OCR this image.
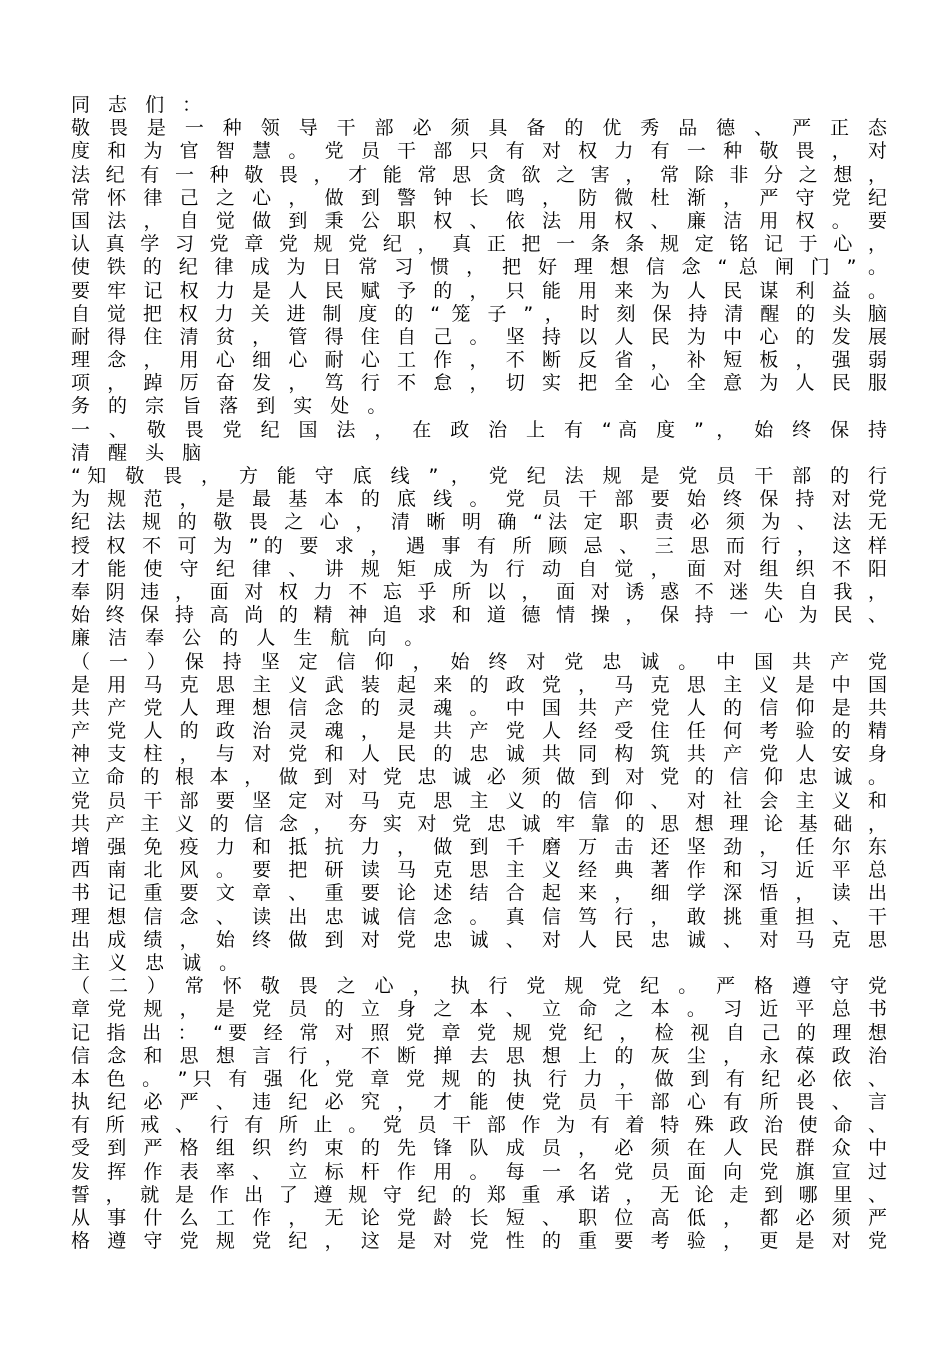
同 志 们 ：
敬 畏 是 一 种 领 导 干 部 必 须 具 备 的 优 秀 品 德 、 严 正 态
度 和 为 官 智 慧 。 党 员 干 部 只 有 对 权 力 有 一 种 敬 畏 ， 对
法 纪 有 一 种 敬 畏 ， 才 能 常 思 贪 欲 之 害 ， 常 除 非 分 之 想 ，
常 怀 律 己 之 心 ， 做 到 警 钟 长 鸣 ， 防 微 杜 渐 ， 严 守 党 纪
国 法 ， 自 觉 做 到 秉 公 职 权 、 依 法 用 权 、 廉 洁 用 权 。 要
认 真 学 习 党 章 党 规 党 纪 ， 真 正 把 一 条 条 规 定 铭 记 于 心 ，
使 铁 的 纪 律 成 为 日 常 习 惯 ， 把 好 理 想 信 念 “ 总 闸 门 ” 。
要 牢 记 权 力 是 人 民 赋 予 的 ， 只 能 用 来 为 人 民 谋 利 益 。
自 觉 把 权 力 关 进 制 度 的 “ 笼 子 ” ， 时 刻 保 持 清 醒 的 头 脑
耐 得 住 清 贫 ， 管 得 住 自 己 。 坚 持 以 人 民 为 中 心 的 发 展
理 念 ， 用 心 细 心 耐 心 工 作 ， 不 断 反 省 ， 补 短 板 ， 强 弱
项 ， 踔 厉 奋 发 ， 笃 行 不 怠 ， 切 实 把 全 心 全 意 为 人 民 服
务 的 宗 旨 落 到 实 处 。
一 、 敬 畏 党 纪 国 法 ， 在 政 治 上 有 “高 度 ” ， 始 终 保 持
清 醒 头 脑
“知 敬 畏 ， 方 能 守 底 线 ” ， 党 纪 法 规 是 党 员 干 部 的 行
为 规 范 ， 是 最 基 本 的 底 线 。 党 员 干 部 要 始 终 保 持 对 党
纪 法 规 的 敬 畏 之 心 ， 清 晰 明 确 “法 定 职 责 必 须 为 、 法 无
授 权 不 可 为 ”的 要 求 ， 遇 事 有 所 顾 忌 、 三 思 而 行 ， 这 样
才 能 使 守 纪 律 、 讲 规 矩 成 为 行 动 自 觉 ， 面 对 组 织 不 阳
奉 阴 违 ， 面 对 权 力 不 忘 乎 所 以 ， 面 对 诱 惑 不 迷 失 自 我 ，
始 终 保 持 高 尚 的 精 神 追 求 和 道 德 情 操 ， 保 持 一 心 为 民 、
廉 洁 奉 公 的 人 生 航 向 。
（ 一 ） 保 持 坚 定 信 仰 ， 始 终 对 党 忠 诚 。 中 国 共 产 党
是 用 马 克 思 主 义 武 装 起 来 的 政 党 ， 马 克 思 主 义 是 中 国
共 产 党 人 理 想 信 念 的 灵 魂 。 中 国 共 产 党 人 的 信 仰 是 共
产 党 人 的 政 治 灵 魂 ， 是 共 产 党 人 经 受 住 任 何 考 验 的 精
神 支 柱 ， 与 对 党 和 人 民 的 忠 诚 共 同 构 筑 共 产 党 人 安 身
立 命 的 根 本 ， 做 到 对 党 忠 诚 必 须 做 到 对 党 的 信 仰 忠 诚 。
党 员 干 部 要 坚 定 对 马 克 思 主 义 的 信 仰 、 对 社 会 主 义 和
共 产 主 义 的 信 念 ， 夯 实 对 党 忠 诚 牢 靠 的 思 想 理 论 基 础 ，
增 强 免 疫 力 和 抵 抗 力 ， 做 到 千 磨 万 击 还 坚 劲 ， 任 尔 东
西 南 北 风 。 要 把 研 读 马 克 思 主 义 经 典 著 作 和 习 近 平 总
书 记 重 要 文 章 、 重 要 论 述 结 合 起 来 ， 细 学 深 悟 ， 读 出
理 想 信 念 、 读 出 忠 诚 信 念 。 真 信 笃 行 ， 敢 挑 重 担 、 干
出 成 绩 ， 始 终 做 到 对 党 忠 诚 、 对 人 民 忠 诚 、 对 马 克 思
主 义 忠 诚 。
（ 二 ） 常 怀 敬 畏 之 心 ， 执 行 党 规 党 纪 。 严 格 遵 守 党
章 党 规 ， 是 党 员 的 立 身 之 本 、 立 命 之 本 。 习 近 平 总 书
记 指 出 ： “要 经 常 对 照 党 章 党 规 党 纪 ， 检 视 自 己 的 理 想
信 念 和 思 想 言 行 ， 不 断 掸 去 思 想 上 的 灰 尘 ， 永 葆 政 治
本 色 。 ”只 有 强 化 党 章 党 规 的 执 行 力 ， 做 到 有 纪 必 依 、
执 纪 必 严 、 违 纪 必 究 ， 才 能 使 党 员 干 部 心 有 所 畏 、 言
有 所 戒 、 行 有 所 止 。 党 员 干 部 作 为 有 着 特 殊 政 治 使 命 、
受 到 严 格 组 织 约 束 的 先 锋 队 成 员 ， 必 须 在 人 民 群 众 中
发 挥 作 表 率 、 立 标 杆 作 用 。 每 一 名 党 员 面 向 党 旗 宣 过
誓 ， 就 是 作 出 了 遵 规 守 纪 的 郑 重 承 诺 ， 无 论 走 到 哪 里 、
从 事 什 么 工 作 ， 无 论 党 龄 长 短 、 职 位 高 低 ， 都 必 须 严
格 遵 守 党 规 党 纪 ， 这 是 对 党 性 的 重 要 考 验 ， 更 是 对 党
